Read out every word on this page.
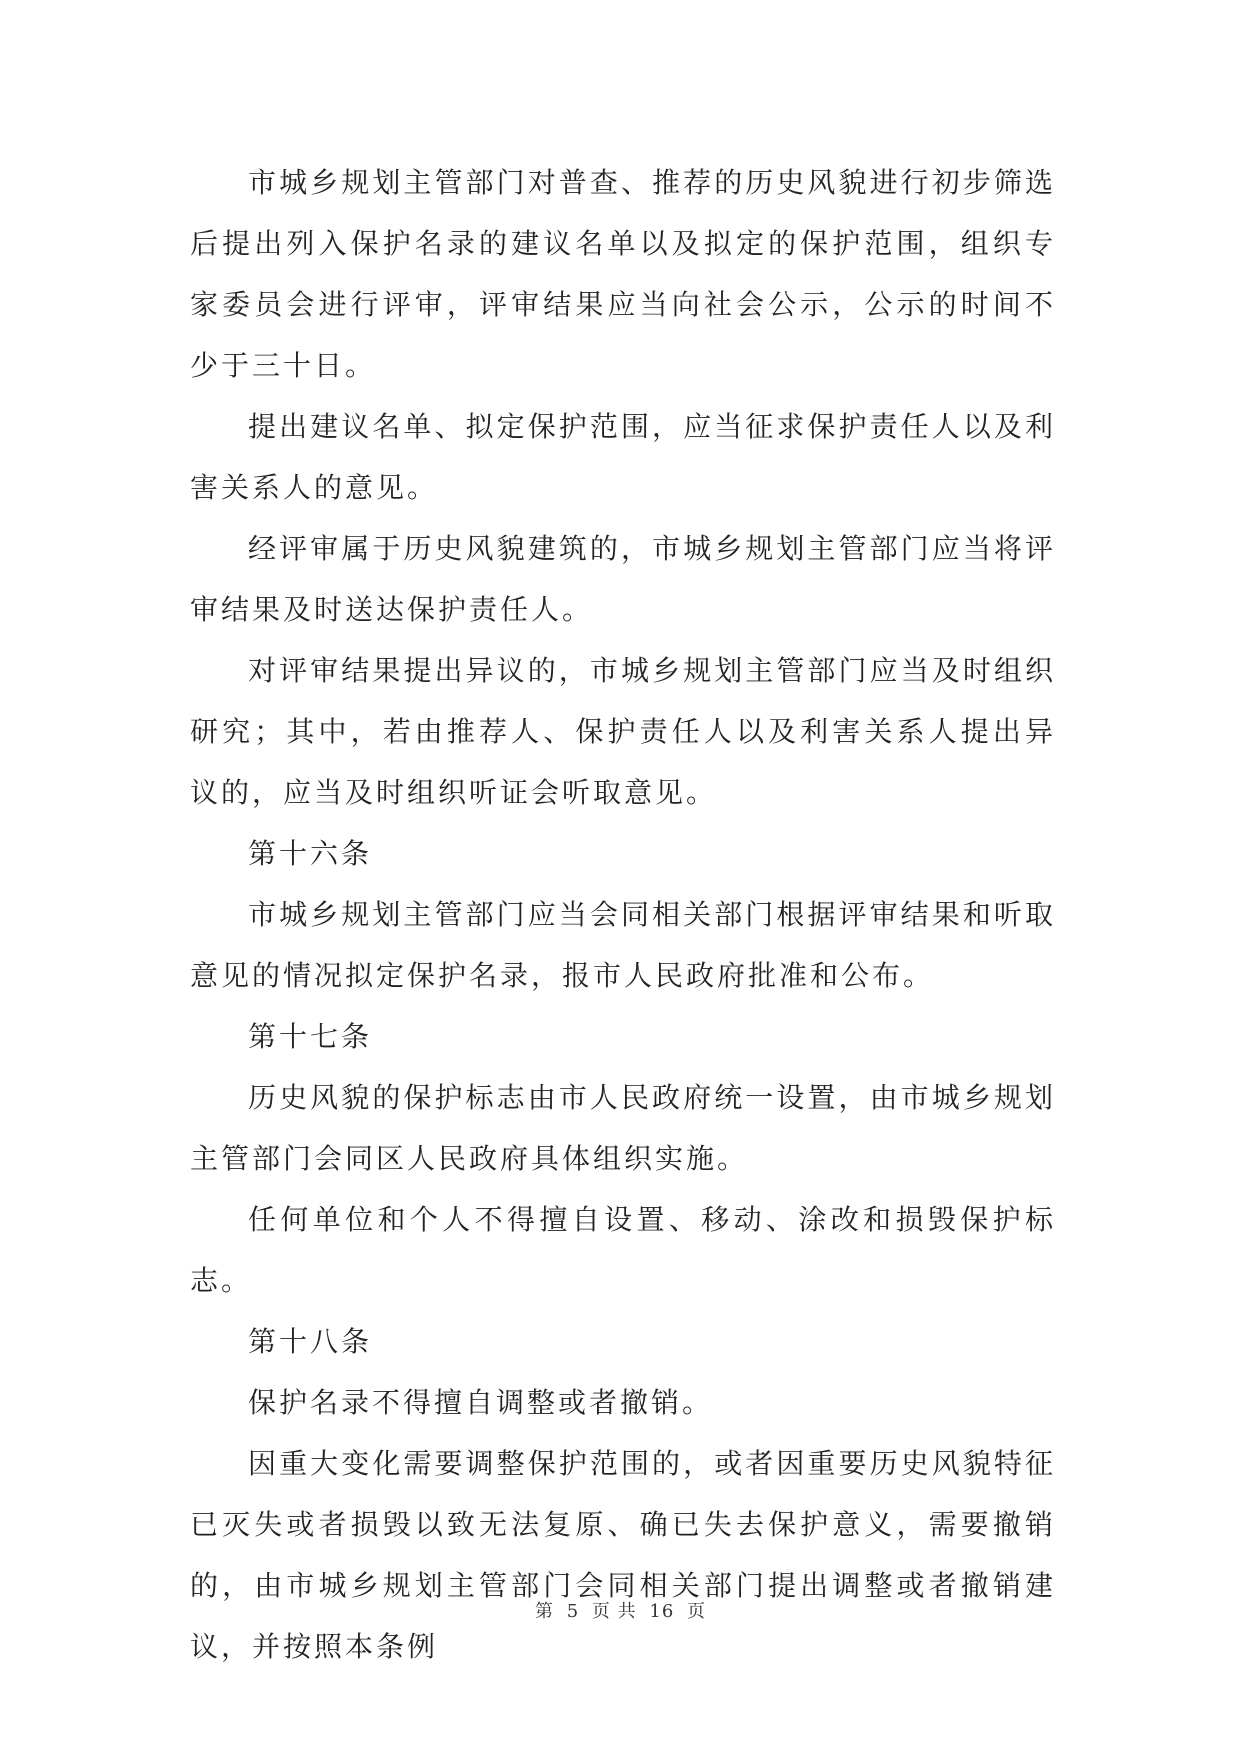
市城乡规划主管部门对普查、推荐的历史风貌进行初步筛选后提出列入保护名录的建议名单以及拟定的保护范围，组织专家委员会进行评审，评审结果应当向社会公示，公示的时间不少于三十日。

提出建议名单、拟定保护范围，应当征求保护责任人以及利害关系人的意见。

经评审属于历史风貌建筑的，市城乡规划主管部门应当将评审结果及时送达保护责任人。

对评审结果提出异议的，市城乡规划主管部门应当及时组织研究；其中，若由推荐人、保护责任人以及利害关系人提出异议的，应当及时组织听证会听取意见。

第十六条

市城乡规划主管部门应当会同相关部门根据评审结果和听取意见的情况拟定保护名录，报市人民政府批准和公布。

第十七条

历史风貌的保护标志由市人民政府统一设置，由市城乡规划主管部门会同区人民政府具体组织实施。

任何单位和个人不得擅自设置、移动、涂改和损毁保护标志。

第十八条

保护名录不得擅自调整或者撤销。

因重大变化需要调整保护范围的，或者因重要历史风貌特征已灭失或者损毁以致无法复原、确已失去保护意义，需要撤销的，由市城乡规划主管部门会同相关部门提出调整或者撤销建议，并按照本条例

第 5 页 共 16 页
